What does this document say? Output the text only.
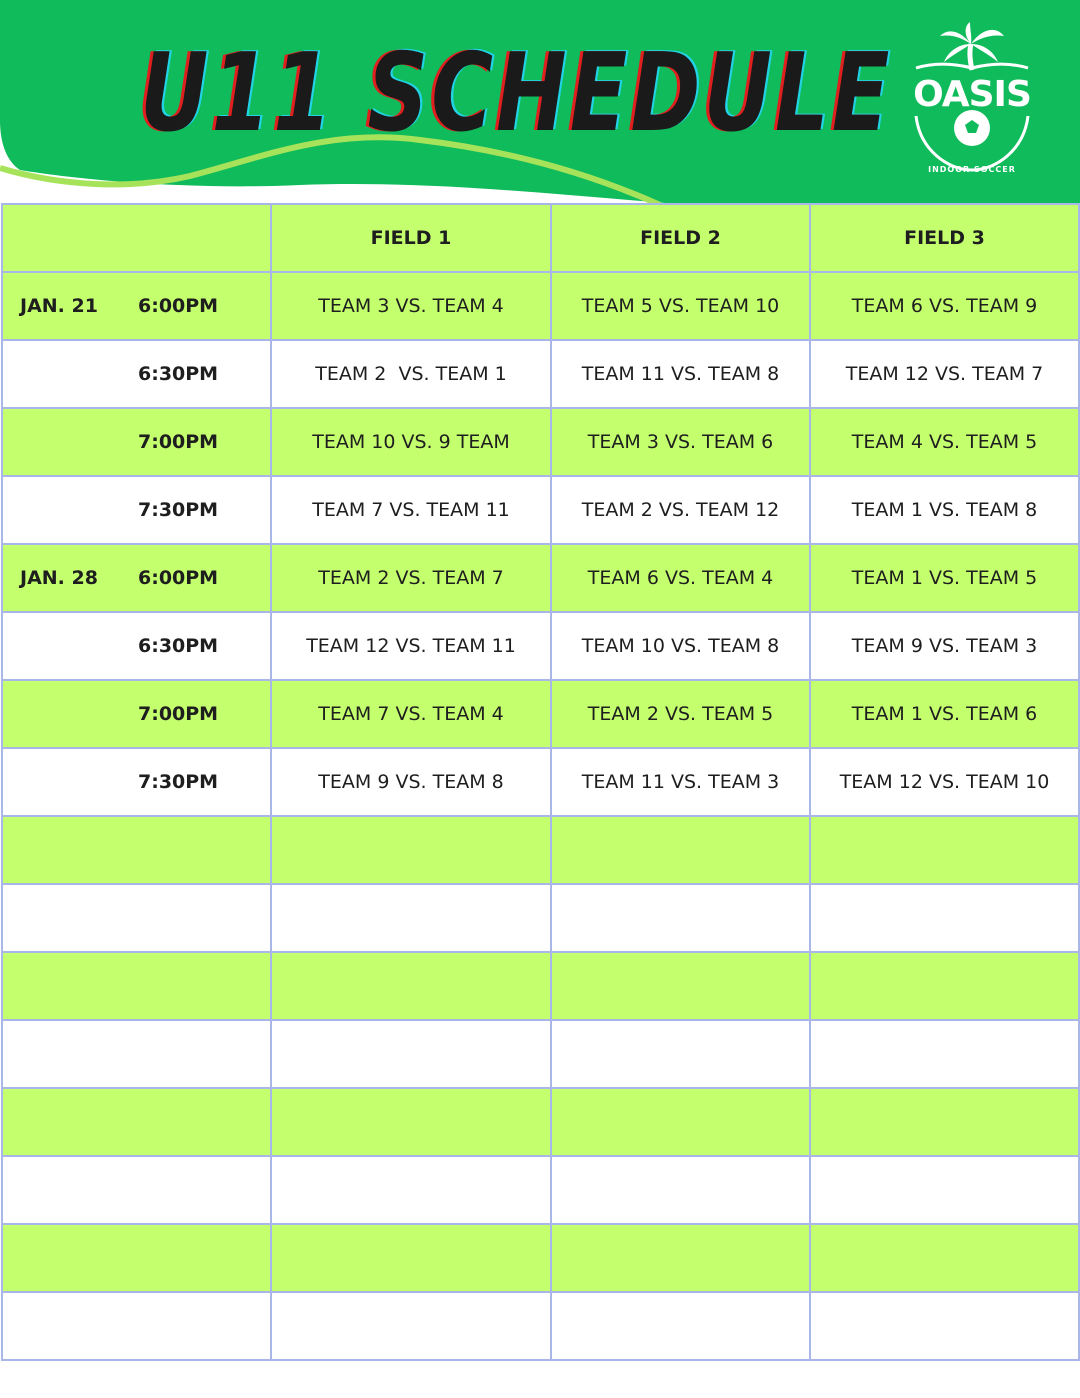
U11 SCHEDULE OASIS
INDOOR SOCCER
	FIELD 1	FIELD 2	FIELD 3

JAN. 21 6:00PM	TEAM 3 VS. TEAM 4	TEAM 5 VS. TEAM 10	TEAM 6 VS. TEAM 9

6:30PM	TEAM 2  VS. TEAM 1	TEAM 11 VS. TEAM 8	TEAM 12 VS. TEAM 7

7:00PM	TEAM 10 VS. 9 TEAM	TEAM 3 VS. TEAM 6	TEAM 4 VS. TEAM 5

7:30PM	TEAM 7 VS. TEAM 11	TEAM 2 VS. TEAM 12	TEAM 1 VS. TEAM 8

JAN. 28 6:00PM	TEAM 2 VS. TEAM 7	TEAM 6 VS. TEAM 4	TEAM 1 VS. TEAM 5

6:30PM	TEAM 12 VS. TEAM 11	TEAM 10 VS. TEAM 8	TEAM 9 VS. TEAM 3

7:00PM	TEAM 7 VS. TEAM 4	TEAM 2 VS. TEAM 5	TEAM 1 VS. TEAM 6

7:30PM	TEAM 9 VS. TEAM 8	TEAM 11 VS. TEAM 3	TEAM 12 VS. TEAM 10
